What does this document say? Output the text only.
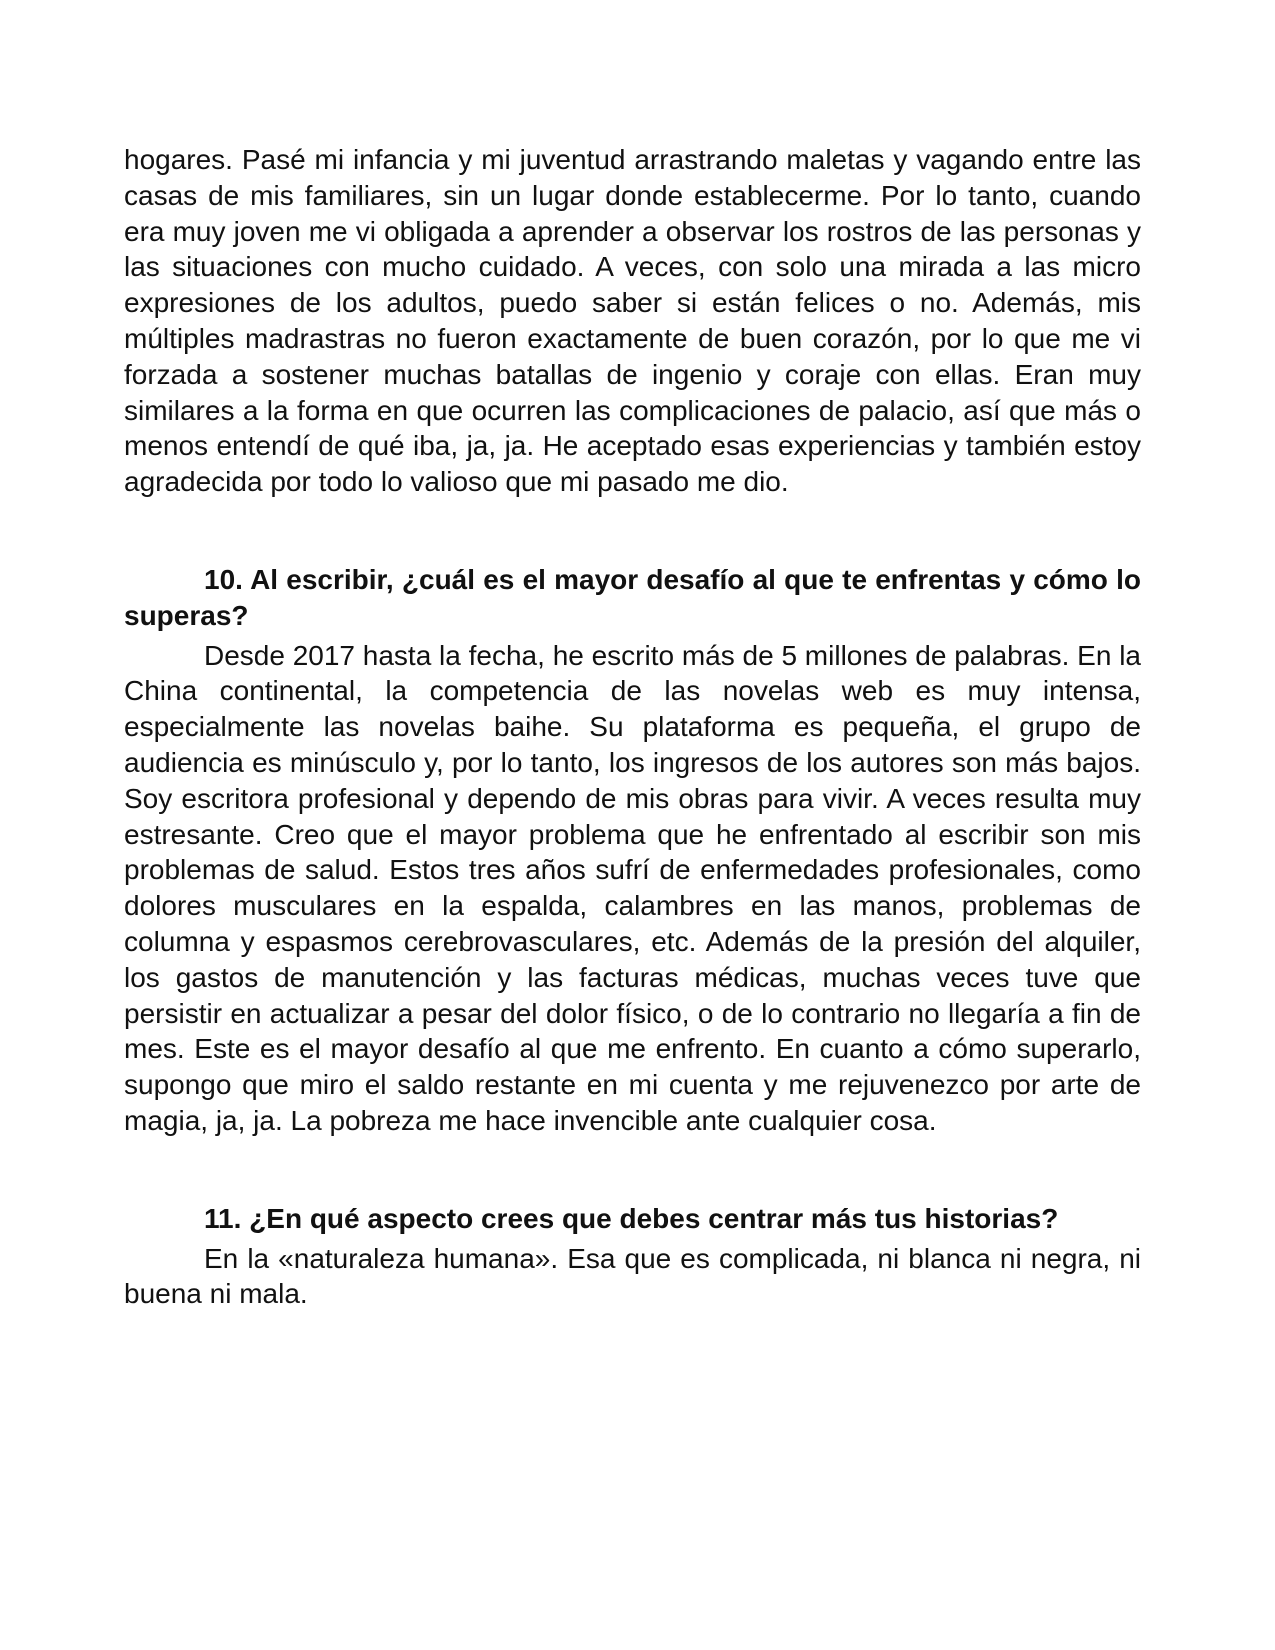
hogares. Pasé mi infancia y mi juventud arrastrando maletas y vagando entre las casas de mis familiares, sin un lugar donde establecerme. Por lo tanto, cuando era muy joven me vi obligada a aprender a observar los rostros de las personas y las situaciones con mucho cuidado. A veces, con solo una mirada a las micro expresiones de los adultos, puedo saber si están felices o no. Además, mis múltiples madrastras no fueron exactamente de buen corazón, por lo que me vi forzada a sostener muchas batallas de ingenio y coraje con ellas. Eran muy similares a la forma en que ocurren las complicaciones de palacio, así que más o menos entendí de qué iba, ja, ja. He aceptado esas experiencias y también estoy agradecida por todo lo valioso que mi pasado me dio.

10. Al escribir, ¿cuál es el mayor desafío al que te enfrentas y cómo lo superas?

Desde 2017 hasta la fecha, he escrito más de 5 millones de palabras. En la China continental, la competencia de las novelas web es muy intensa, especialmente las novelas baihe. Su plataforma es pequeña, el grupo de audiencia es minúsculo y, por lo tanto, los ingresos de los autores son más bajos. Soy escritora profesional y dependo de mis obras para vivir. A veces resulta muy estresante. Creo que el mayor problema que he enfrentado al escribir son mis problemas de salud. Estos tres años sufrí de enfermedades profesionales, como dolores musculares en la espalda, calambres en las manos, problemas de columna y espasmos cerebrovasculares, etc. Además de la presión del alquiler, los gastos de manutención y las facturas médicas, muchas veces tuve que persistir en actualizar a pesar del dolor físico, o de lo contrario no llegaría a fin de mes. Este es el mayor desafío al que me enfrento. En cuanto a cómo superarlo, supongo que miro el saldo restante en mi cuenta y me rejuvenezco por arte de magia, ja, ja. La pobreza me hace invencible ante cualquier cosa.

11. ¿En qué aspecto crees que debes centrar más tus historias?

En la «naturaleza humana». Esa que es complicada, ni blanca ni negra, ni buena ni mala.
